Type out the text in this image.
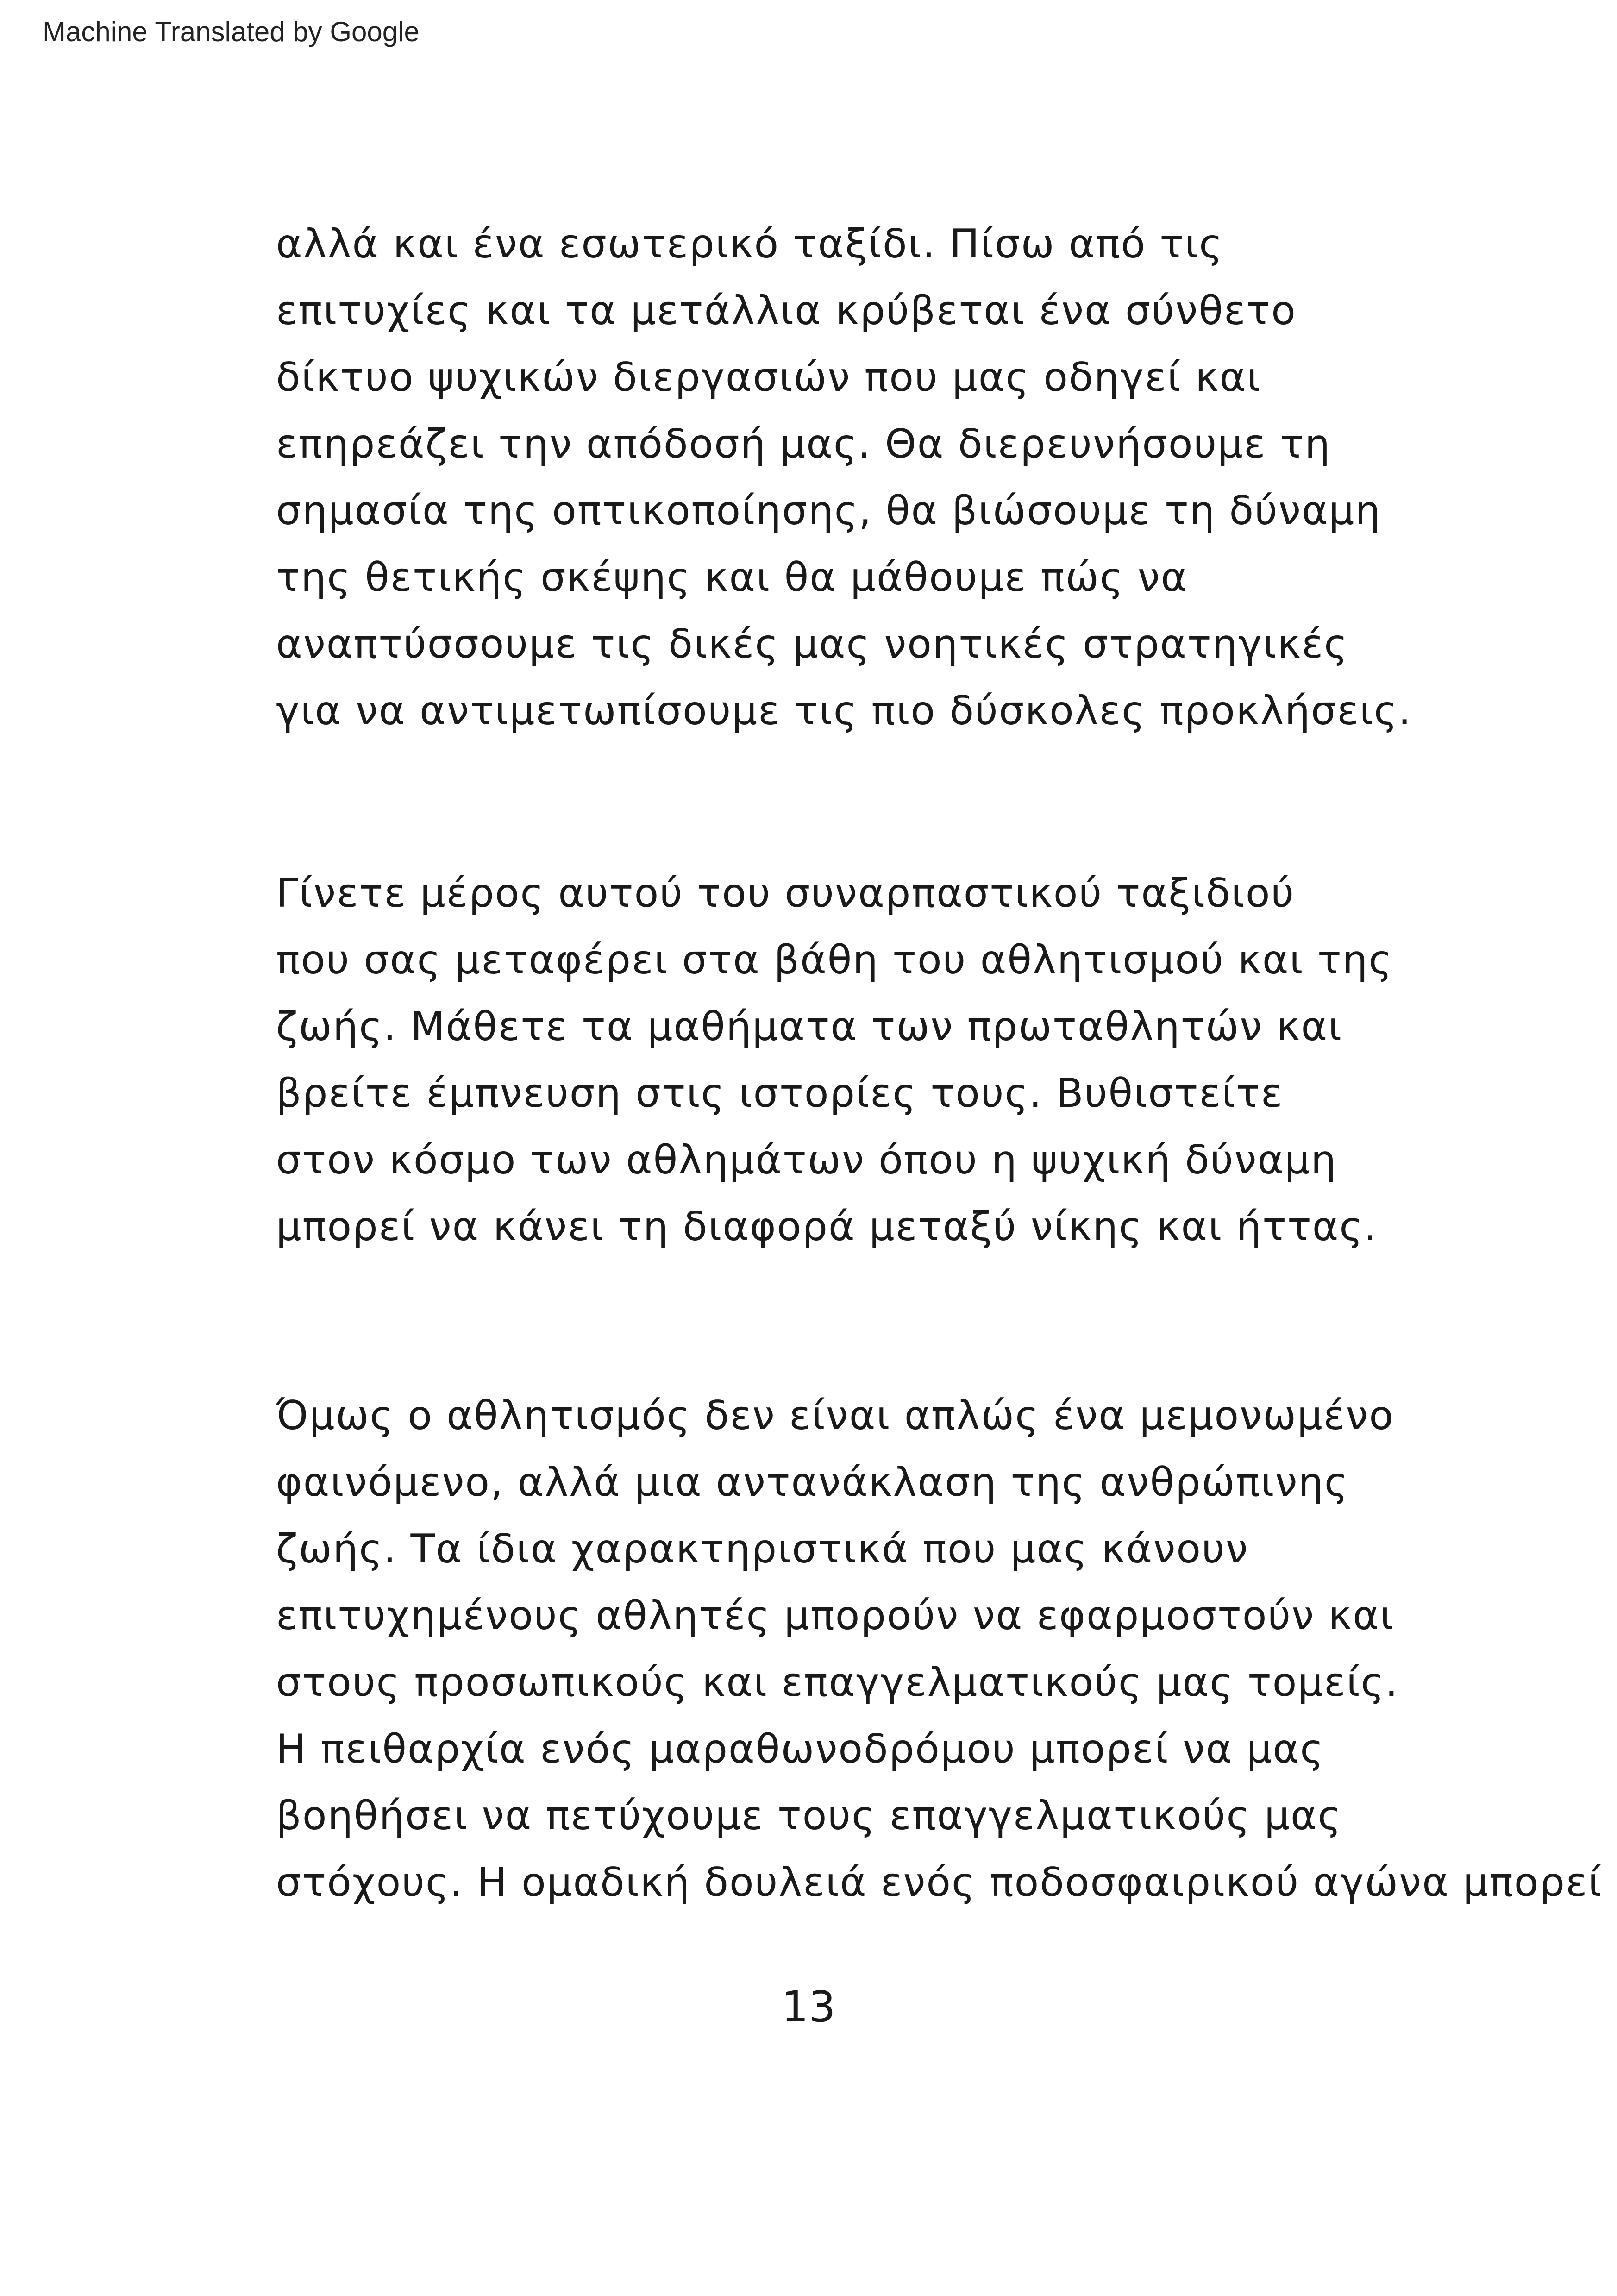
Machine Translated by Google
αλλά και ένα εσωτερικό ταξίδι. Πίσω από τις
επιτυχίες και τα μετάλλια κρύβεται ένα σύνθετο
δίκτυο ψυχικών διεργασιών που μας οδηγεί και
επηρεάζει την απόδοσή μας. Θα διερευνήσουμε τη
σημασία της οπτικοποίησης, θα βιώσουμε τη δύναμη
της θετικής σκέψης και θα μάθουμε πώς να
αναπτύσσουμε τις δικές μας νοητικές στρατηγικές
για να αντιμετωπίσουμε τις πιο δύσκολες προκλήσεις.
Γίνετε μέρος αυτού του συναρπαστικού ταξιδιού
που σας μεταφέρει στα βάθη του αθλητισμού και της
ζωής. Μάθετε τα μαθήματα των πρωταθλητών και
βρείτε έμπνευση στις ιστορίες τους. Βυθιστείτε
στον κόσμο των αθλημάτων όπου η ψυχική δύναμη
μπορεί να κάνει τη διαφορά μεταξύ νίκης και ήττας.
Όμως ο αθλητισμός δεν είναι απλώς ένα μεμονωμένο
φαινόμενο, αλλά μια αντανάκλαση της ανθρώπινης
ζωής. Τα ίδια χαρακτηριστικά που μας κάνουν
επιτυχημένους αθλητές μπορούν να εφαρμοστούν και
στους προσωπικούς και επαγγελματικούς μας τομείς.
Η πειθαρχία ενός μαραθωνοδρόμου μπορεί να μας
βοηθήσει να πετύχουμε τους επαγγελματικούς μας
στόχους. Η ομαδική δουλειά ενός ποδοσφαιρικού αγώνα μπορεί
13
